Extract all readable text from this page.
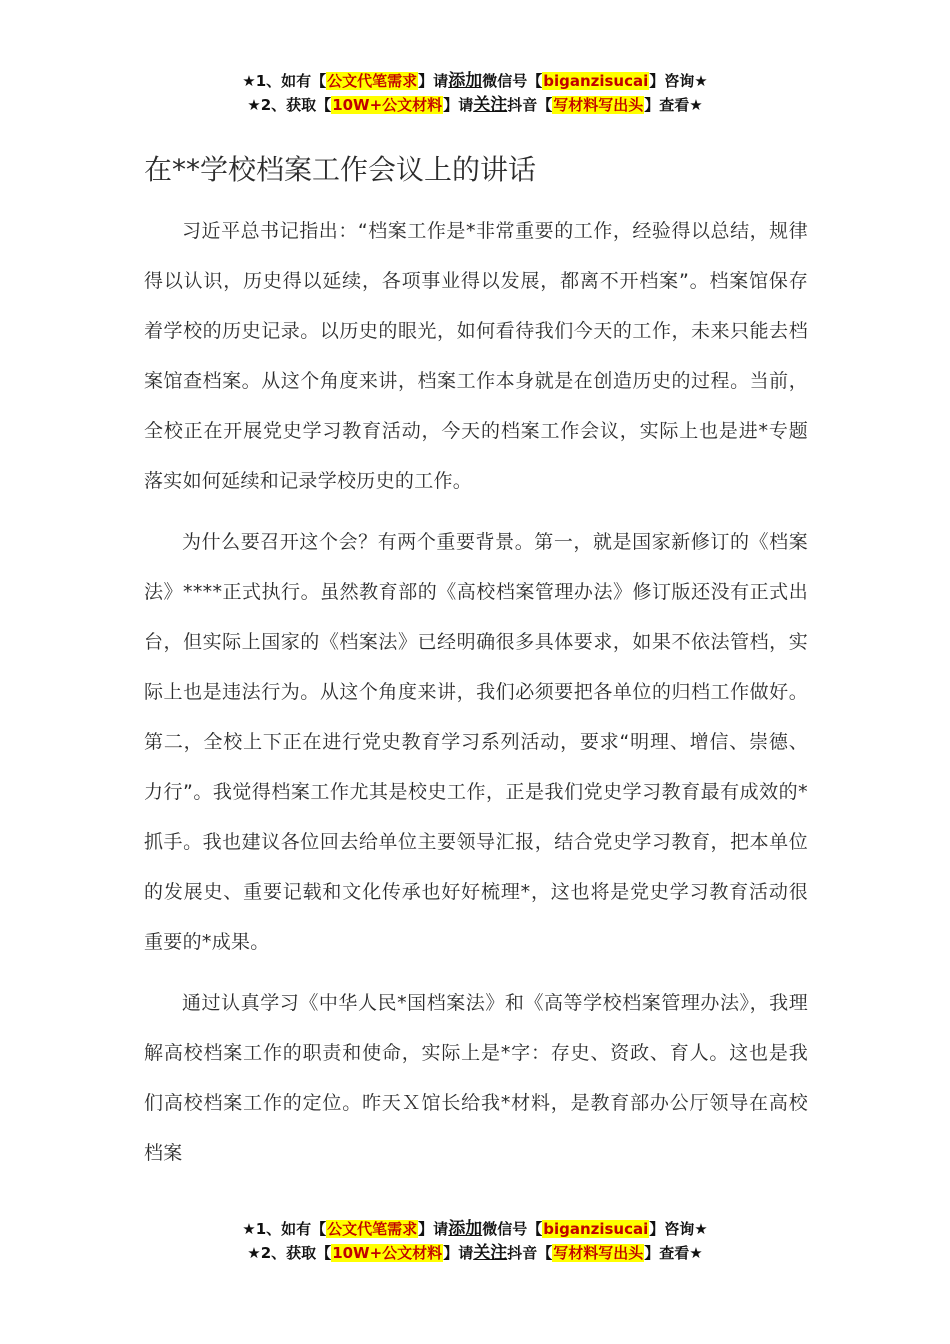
★1、如有【公文代笔需求】请添加微信号【biganzisucai】咨询★
★2、获取【10W+公文材料】请关注抖音【写材料写出头】查看★
在**学校档案工作会议上的讲话

习近平总书记指出：“档案工作是*非常重要的工作，经验得以总结，规律得以认识，历史得以延续，各项事业得以发展，都离不开档案”。档案馆保存着学校的历史记录。以历史的眼光，如何看待我们今天的工作，未来只能去档案馆查档案。从这个角度来讲，档案工作本身就是在创造历史的过程。当前，全校正在开展党史学习教育活动，今天的档案工作会议，实际上也是进*专题落实如何延续和记录学校历史的工作。

为什么要召开这个会？有两个重要背景。第一，就是国家新修订的《档案法》****正式执行。虽然教育部的《高校档案管理办法》修订版还没有正式出台，但实际上国家的《档案法》已经明确很多具体要求，如果不依法管档，实际上也是违法行为。从这个角度来讲，我们必须要把各单位的归档工作做好。第二，全校上下正在进行党史教育学习系列活动，要求“明理、增信、崇德、力行”。我觉得档案工作尤其是校史工作，正是我们党史学习教育最有成效的*抓手。我也建议各位回去给单位主要领导汇报，结合党史学习教育，把本单位的发展史、重要记载和文化传承也好好梳理*，这也将是党史学习教育活动很重要的*成果。

通过认真学习《中华人民*国档案法》和《高等学校档案管理办法》，我理解高校档案工作的职责和使命，实际上是*字：存史、资政、育人。这也是我们高校档案工作的定位。昨天Ｘ馆长给我*材料，是教育部办公厅领导在高校档案

★1、如有【公文代笔需求】请添加微信号【biganzisucai】咨询★
★2、获取【10W+公文材料】请关注抖音【写材料写出头】查看★
